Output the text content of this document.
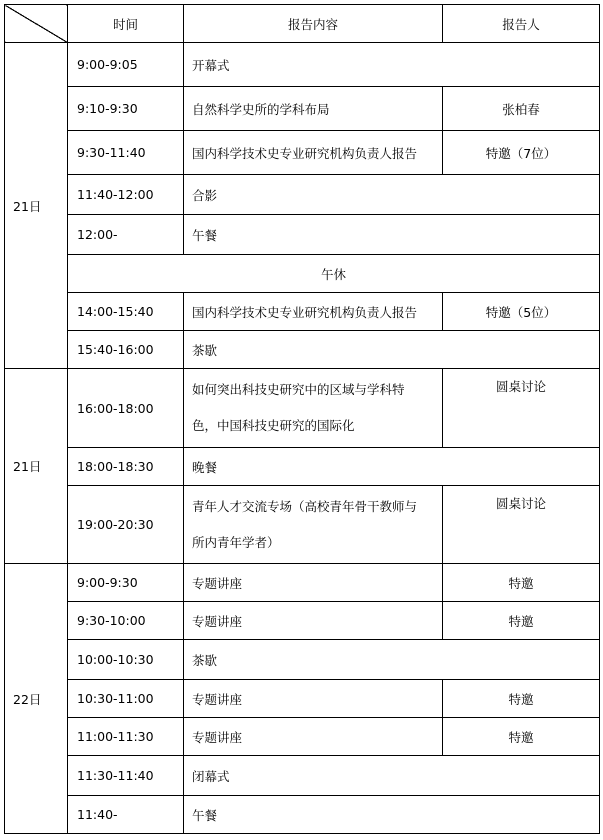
	时间	报告内容	报告人
21日	9:00-9:05	开幕式	
	9:10-9:30	自然科学史所的学科布局	张柏春
	9:30-11:40	国内科学技术史专业研究机构负责人报告	特邀（7位）
	11:40-12:00	合影	
	12:00-	午餐	
	午休		
	14:00-15:40	国内科学技术史专业研究机构负责人报告	特邀（5位）
	15:40-16:00	茶歇	
21日	16:00-18:00	如何突出科技史研究中的区域与学科特
色，中国科技史研究的国际化	圆桌讨论
	18:00-18:30	晚餐	
	19:00-20:30	青年人才交流专场（高校青年骨干教师与
所内青年学者）	圆桌讨论
22日	9:00-9:30	专题讲座	特邀
	9:30-10:00	专题讲座	特邀
	10:00-10:30	茶歇	
	10:30-11:00	专题讲座	特邀
	11:00-11:30	专题讲座	特邀
	11:30-11:40	闭幕式	
	11:40-	午餐	
